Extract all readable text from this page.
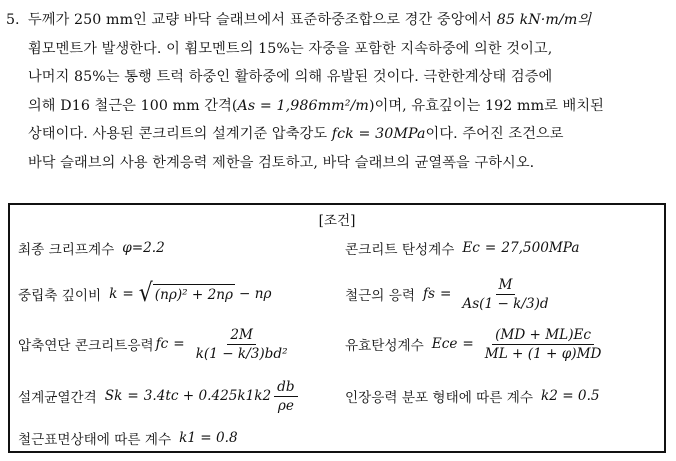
5. 두께가 250 mm인 교량 바닥 슬래브에서 표준하중조합으로 경간 중앙에서 85 kN·m/m의
휨모멘트가 발생한다. 이 휨모멘트의 15%는 자중을 포함한 지속하중에 의한 것이고,
나머지 85%는 통행 트럭 하중인 활하중에 의해 유발된 것이다. 극한한계상태 검증에
의해 D16 철근은 100 mm 간격(As = 1,986mm²/m)이며, 유효깊이는 192 mm로 배치된
상태이다. 사용된 콘크리트의 설계기준 압축강도 fck = 30MPa이다. 주어진 조건으로
바닥 슬래브의 사용 한계응력 제한을 검토하고, 바닥 슬래브의 균열폭을 구하시오.
[조건]
최종 크리프계수 φ=2.2	콘크리트 탄성계수 Ec = 27,500MPa
중립축 깊이비 k = √ (nρ)² + 2nρ − nρ	철근의 응력 fs = $\frac{M}{As(1 - k/3)d}$
압축연단 콘크리트응력 fc = $\frac{2M}{\text{k(1 − k/3)bd²}}$	유효탄성계수 Ece = $\frac{(MD + ML)Ec}{ML + (1 + \varphi)MD}$
설계균열간격 $Sk = 3.4tc + 0.425k1k2 \frac{db}{\rho e}$	인장응력 분포 형태에 따른 계수 k2 = 0.5
철근표면상태에 따른 계수 k1 = 0.8
